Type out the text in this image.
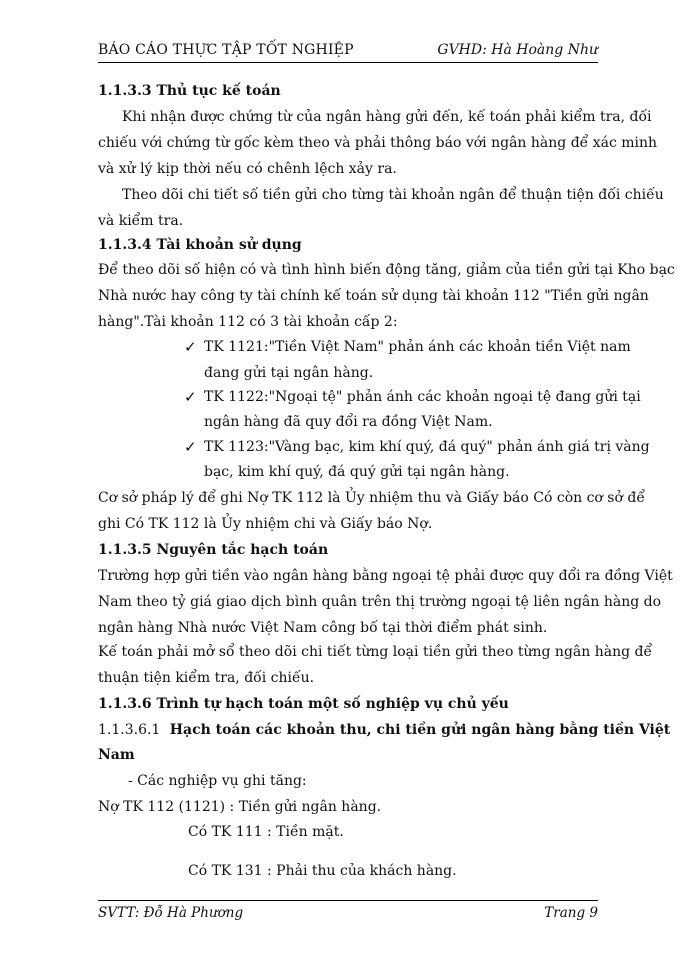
BÁO CÁO THỰC TẬP TỐT NGHIỆP	GVHD: Hà Hoàng Như
1.1.3.3 Thủ tục kế toán
Khi nhận được chứng từ của ngân hàng gửi đến, kế toán phải kiểm tra, đối
chiếu với chứng từ gốc kèm theo và phải thông báo với ngân hàng để xác minh
và xử lý kịp thời nếu có chênh lệch xảy ra.
Theo dõi chi tiết số tiền gửi cho từng tài khoản ngân để thuận tiện đối chiếu
và kiểm tra.
1.1.3.4 Tài khoản sử dụng
Để theo dõi số hiện có và tình hình biến động tăng, giảm của tiền gửi tại Kho bạc
Nhà nước hay công ty tài chính kế toán sử dụng tài khoản 112 "Tiền gửi ngân
hàng".Tài khoản 112 có 3 tài khoản cấp 2:
✓ TK 1121:"Tiền Việt Nam" phản ánh các khoản tiền Việt nam
đang gửi tại ngân hàng.
✓ TK 1122:"Ngoại tệ" phản ánh các khoản ngoại tệ đang gửi tại
ngân hàng đã quy đổi ra đồng Việt Nam.
✓ TK 1123:"Vàng bạc, kim khí quý, đá quý" phản ánh giá trị vàng
bạc, kim khí quý, đá quý gửi tại ngân hàng.
Cơ sở pháp lý để ghi Nợ TK 112 là Ủy nhiệm thu và Giấy báo Có còn cơ sở để
ghi Có TK 112 là Ủy nhiệm chi và Giấy báo Nợ.
1.1.3.5 Nguyên tắc hạch toán
Trường hợp gửi tiền vào ngân hàng bằng ngoại tệ phải được quy đổi ra đồng Việt
Nam theo tỷ giá giao dịch bình quân trên thị trường ngoại tệ liên ngân hàng do
ngân hàng Nhà nước Việt Nam công bố tại thời điểm phát sinh.
Kế toán phải mở sổ theo dõi chi tiết từng loại tiền gửi theo từng ngân hàng để
thuận tiện kiểm tra, đối chiếu.
1.1.3.6 Trình tự hạch toán một số nghiệp vụ chủ yếu
1.1.3.6.1 Hạch toán các khoản thu, chi tiền gửi ngân hàng bằng tiền Việt
Nam
- Các nghiệp vụ ghi tăng:
Nợ TK 112 (1121) : Tiền gửi ngân hàng.
Có TK 111 : Tiền mặt.
Có TK 131 : Phải thu của khách hàng.
SVTT: Đỗ Hà Phương	Trang 9
